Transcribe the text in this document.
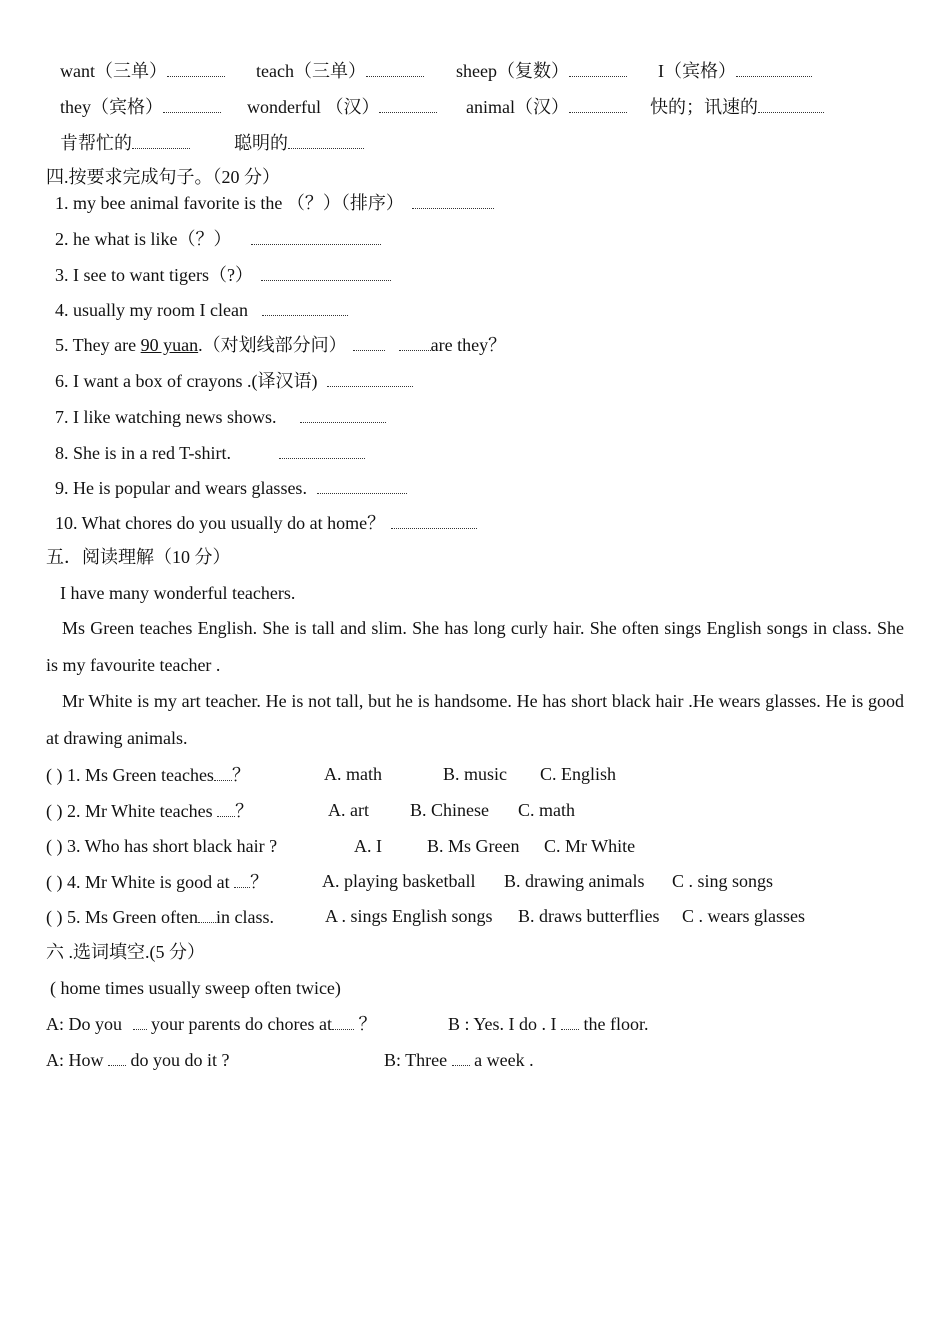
want（三单）	teach（三单）	sheep（复数）	I（宾格）
they（宾格）	wonderful （汉）	animal（汉）	快的；讯速的
肯帮忙的	聪明的
四.按要求完成句子。（20 分）
1. my bee animal favorite is the （？）（排序）
2. he what is like（？）
3. I see to want tigers（?）
4. usually my room I clean
5. They are 90 yuan.（对划线部分问）	are they？
6. I want a box of crayons .(译汉语)
7. I like watching news shows.
8. She is in a red T-shirt.
9. He is popular and wears glasses.
10. What chores do you usually do at home？
五．阅读理解（10 分）
I have many wonderful teachers.
Ms Green teaches English. She is tall and slim. She has long curly hair. She often sings English songs in class. She is my favourite teacher .
Mr White is my art teacher. He is not tall, but he is handsome. He has short black hair .He wears glasses. He is good at drawing animals.
( ) 1. Ms Green teaches ？	A. math	B. music C. English
( ) 2. Mr White teaches ？	A. art B. Chinese C. math
( ) 3. Who has short black hair ?	A. I	B. Ms Green C. Mr White
( ) 4. Mr White is good at ？	A. playing basketball B. drawing animals C . sing songs
( ) 5. Ms Green often in class.	A . sings English songs B. draws butterflies C . wears glasses
六 .选词填空.(5 分）
( home times usually sweep often twice)
A: Do you  your parents do chores at ？	B : Yes. I do . I  the floor.
A: How  do you do it ?	B: Three  a week .
